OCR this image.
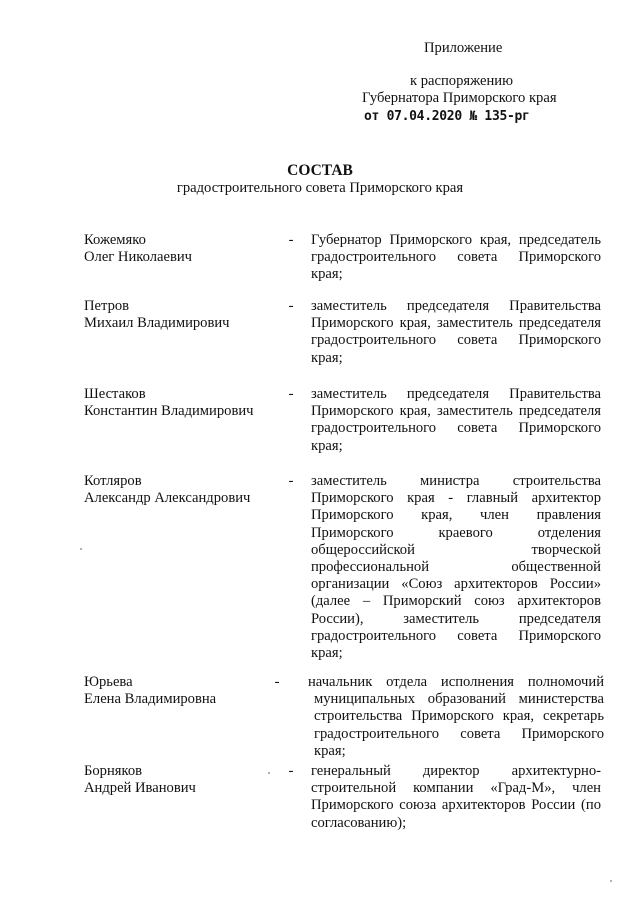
Приложение
к распоряжению
Губернатора Приморского края
от 07.04.2020 № 135-рг
СОСТАВ
градостроительного совета Приморского края
Кожемяко
Олег Николаевич
- Губернатор Приморского края, председатель градостроительного совета Приморского края;
Петров
Михаил Владимирович
- заместитель председателя Правительства Приморского края, заместитель председателя градостроительного совета Приморского края;
Шестаков
Константин Владимирович
- заместитель председателя Правительства Приморского края, заместитель председателя градостроительного совета Приморского края;
Котляров
Александр Александрович
- заместитель министра строительства Приморского края - главный архитектор Приморского края, член правления Приморского краевого отделения общероссийской творческой профессиональной общественной организации «Союз архитекторов России» (далее – Приморский союз архитекторов России), заместитель председателя градостроительного совета Приморского края;
Юрьева
Елена Владимировна
- начальник отдела исполнения полномочий муниципальных образований министерства строительства Приморского края, секретарь градостроительного совета Приморского края;
Борняков
Андрей Иванович
- генеральный директор архитектурно-строительной компании «Град-М», член Приморского союза архитекторов России (по согласованию);
